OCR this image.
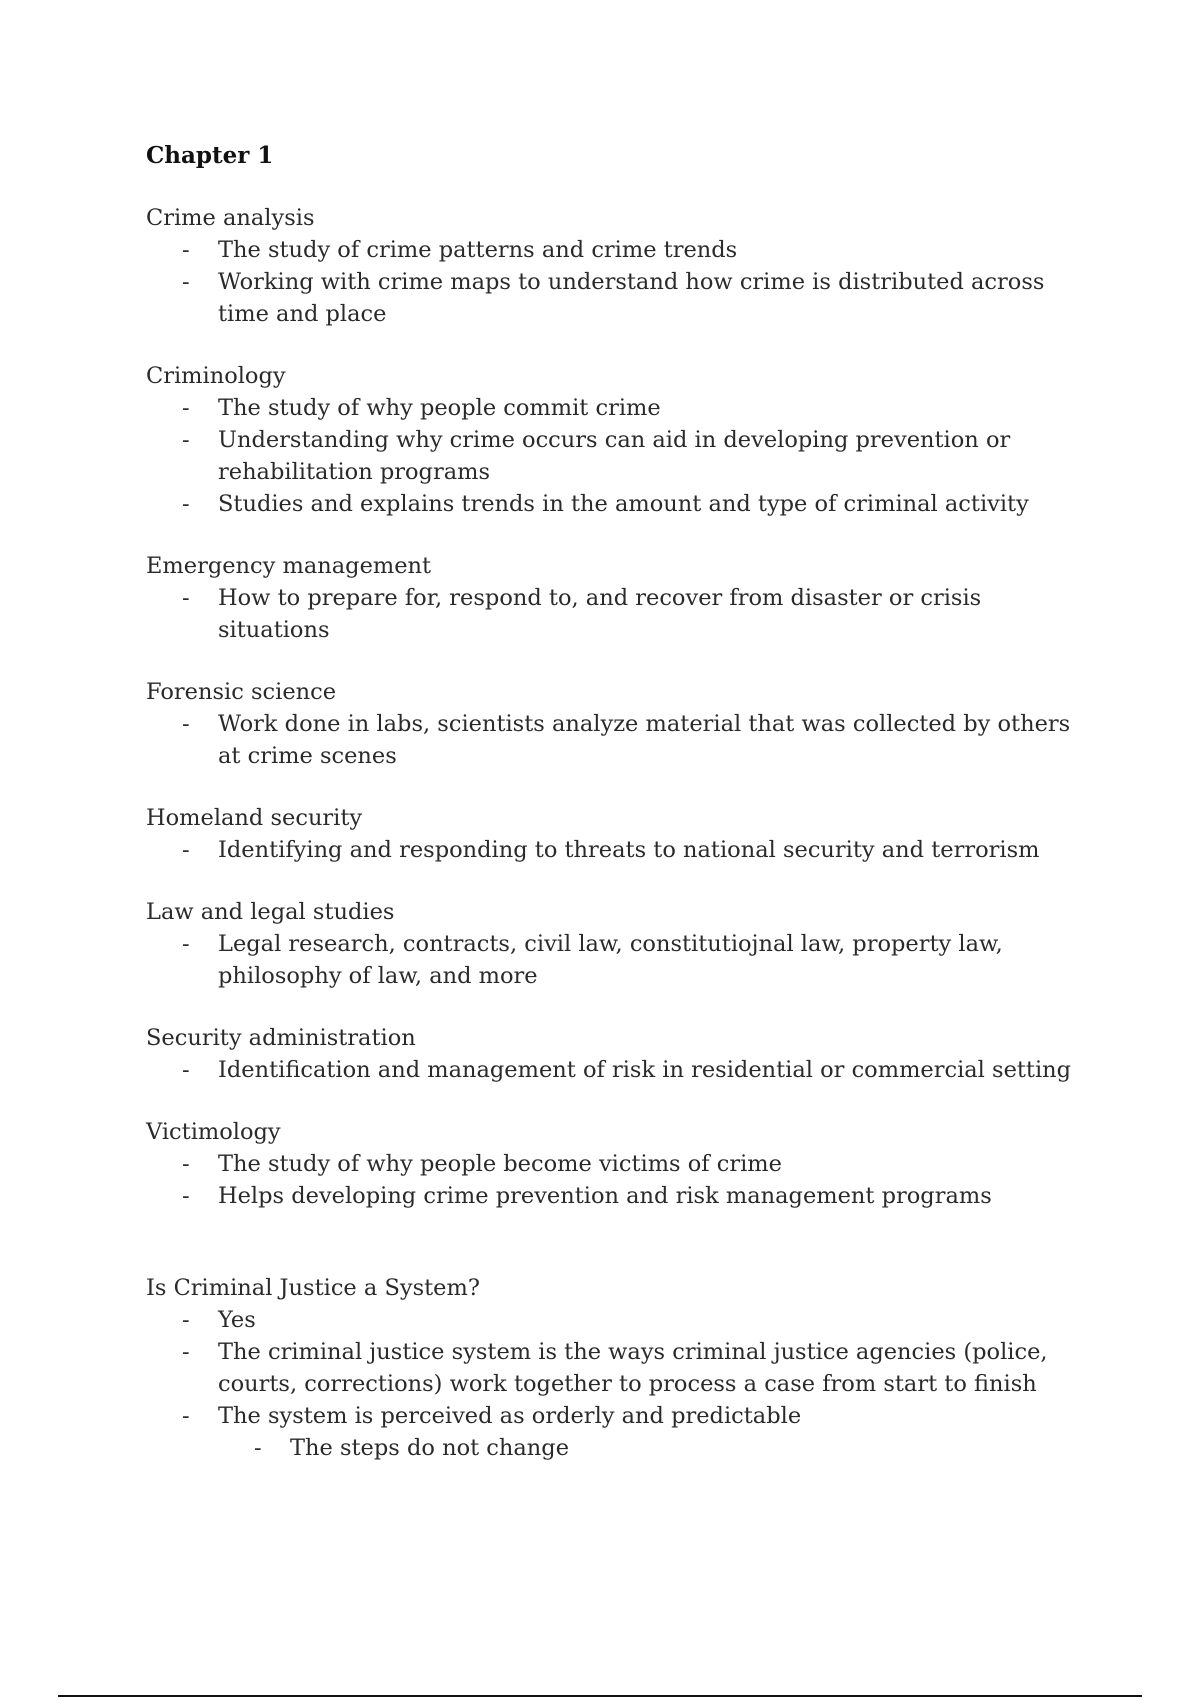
Chapter 1
Crime analysis
- The study of crime patterns and crime trends
- Working with crime maps to understand how crime is distributed across time and place
Criminology
- The study of why people commit crime
- Understanding why crime occurs can aid in developing prevention or rehabilitation programs
- Studies and explains trends in the amount and type of criminal activity
Emergency management
- How to prepare for, respond to, and recover from disaster or crisis situations
Forensic science
- Work done in labs, scientists analyze material that was collected by others at crime scenes
Homeland security
- Identifying and responding to threats to national security and terrorism
Law and legal studies
- Legal research, contracts, civil law, constitutiojnal law, property law, philosophy of law, and more
Security administration
- Identification and management of risk in residential or commercial setting
Victimology
- The study of why people become victims of crime
- Helps developing crime prevention and risk management programs
Is Criminal Justice a System?
- Yes
- The criminal justice system is the ways criminal justice agencies (police, courts, corrections) work together to process a case from start to finish
- The system is perceived as orderly and predictable
- The steps do not change
